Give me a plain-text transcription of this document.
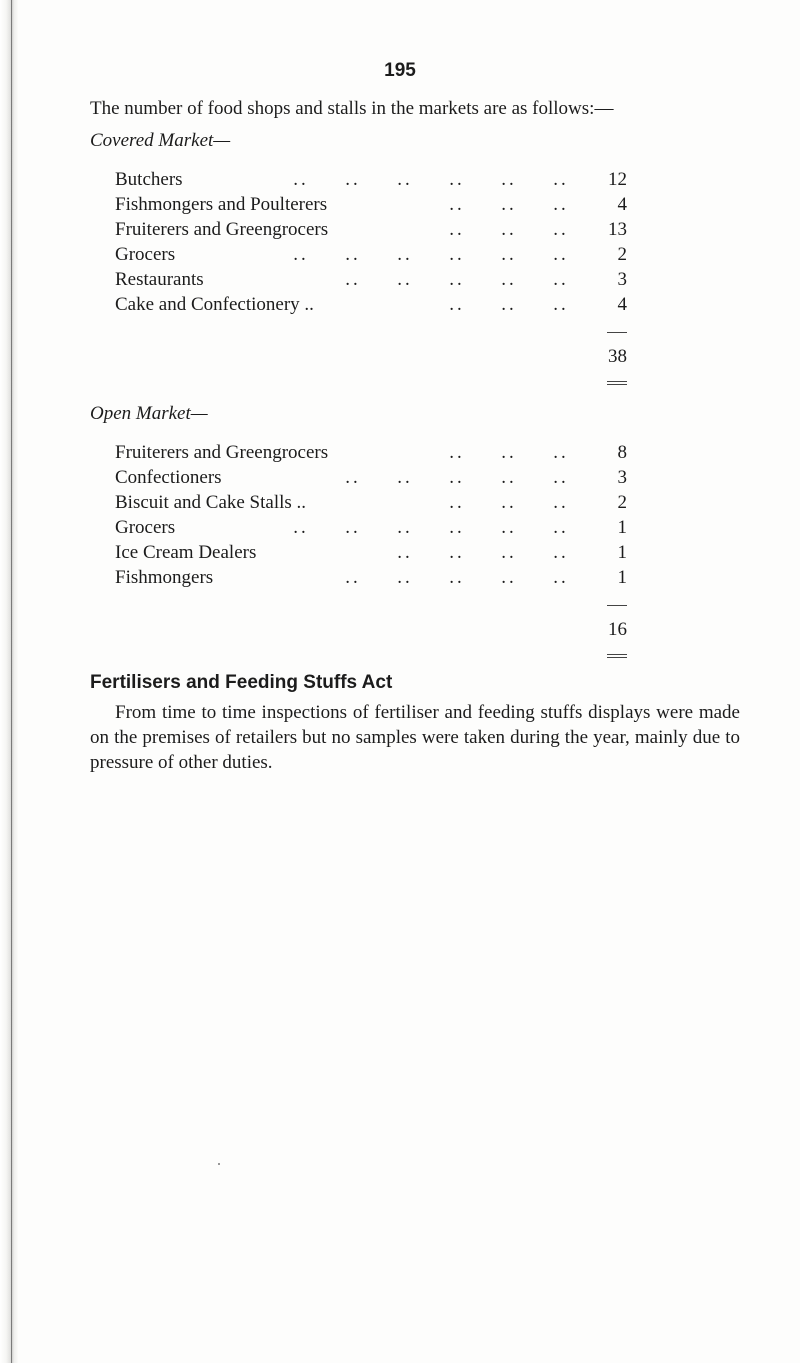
195
The number of food shops and stalls in the markets are as follows:—
Covered Market—
Butchers	..	..	..	..	..	..	12
Fishmongers and Poulterers	..	..	..	4
Fruiterers and Greengrocers	..	..	..	13
Grocers	..	..	..	..	..	..	2
Restaurants	..	..	..	..	..	3
Cake and Confectionery ..	..	..	..	4
38
Open Market—
Fruiterers and Greengrocers	..	..	..	8
Confectioners	..	..	..	..	..	3
Biscuit and Cake Stalls ..	..	..	..	2
Grocers	..	..	..	..	..	..	1
Ice Cream Dealers	..	..	..	..	1
Fishmongers	..	..	..	..	..	1
16
Fertilisers and Feeding Stuffs Act
From time to time inspections of fertiliser and feeding stuffs displays were made on the premises of retailers but no samples were taken during the year, mainly due to pressure of other duties.
